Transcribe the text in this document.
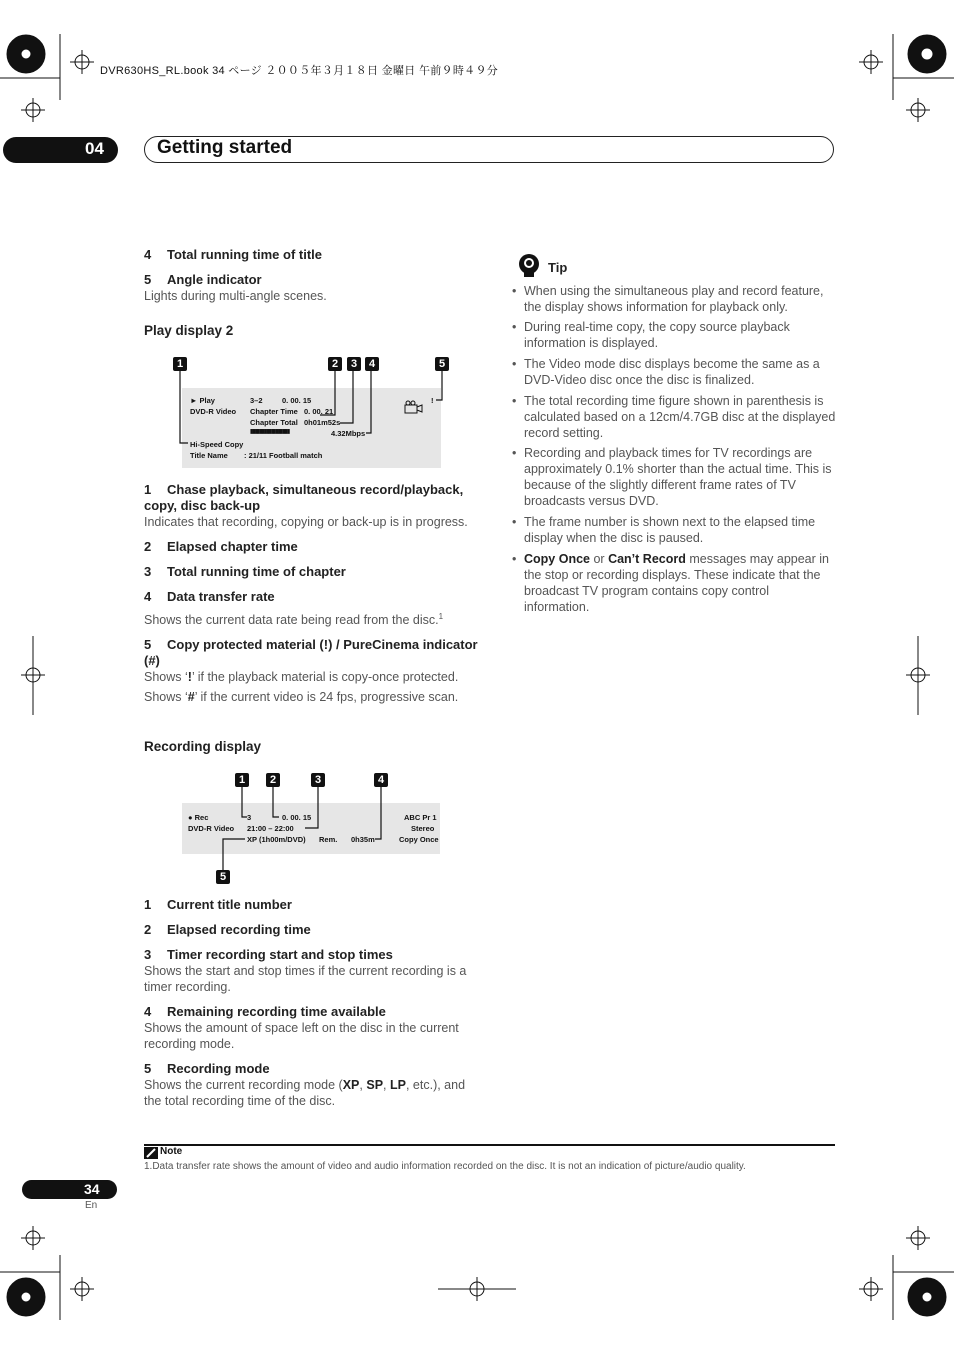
DVR630HS_RL.book 34 ページ ２００５年３月１８日 金曜日 午前９時４９分
04	Getting started
4 Total running time of title
5 Angle indicator
Lights during multi-angle scenes.
Play display 2
1	2	3	4	5
► Play
DVD-R Video
3–2	0. 00. 15
Chapter Time 0. 00. 21
Chapter Total 0h01m52s
▮▮▮▮▮▮▮▮▮▮▮▮▮▮▮▮▮	4.32Mbps
Hi-Speed Copy
Title Name : 21/11 Football match
!
1 Chase playback, simultaneous record/playback, copy, disc back-up
Indicates that recording, copying or back-up is in progress.
2 Elapsed chapter time
3 Total running time of chapter
4 Data transfer rate
Shows the current data rate being read from the disc.$^1$
5 Copy protected material (!) / PureCinema indicator (#)
Shows ‘!’ if the playback material is copy-once protected.
Shows ‘#’ if the current video is 24 fps, progressive scan.
Recording display
1	2	3	4
5
● Rec
DVD-R Video
3	0. 00. 15
21:00 – 22:00
XP (1h00m/DVD) Rem. 0h35m
ABC Pr 1
Stereo
Copy Once
1 Current title number
2 Elapsed recording time
3 Timer recording start and stop times
Shows the start and stop times if the current recording is a timer recording.
4 Remaining recording time available
Shows the amount of space left on the disc in the current recording mode.
5 Recording mode
Shows the current recording mode (XP, SP, LP, etc.), and the total recording time of the disc.
Tip
• When using the simultaneous play and record feature, the display shows information for playback only.
• During real-time copy, the copy source playback information is displayed.
• The Video mode disc displays become the same as a DVD-Video disc once the disc is finalized.
• The total recording time figure shown in parenthesis is calculated based on a 12cm/4.7GB disc at the displayed record setting.
• Recording and playback times for TV recordings are approximately 0.1% shorter than the actual time. This is because of the slightly different frame rates of TV broadcasts versus DVD.
• The frame number is shown next to the elapsed time display when the disc is paused.
• Copy Once or Can’t Record messages may appear in the stop or recording displays. These indicate that the broadcast TV program contains copy control information.
Note
1.Data transfer rate shows the amount of video and audio information recorded on the disc. It is not an indication of picture/audio quality.
34
En
